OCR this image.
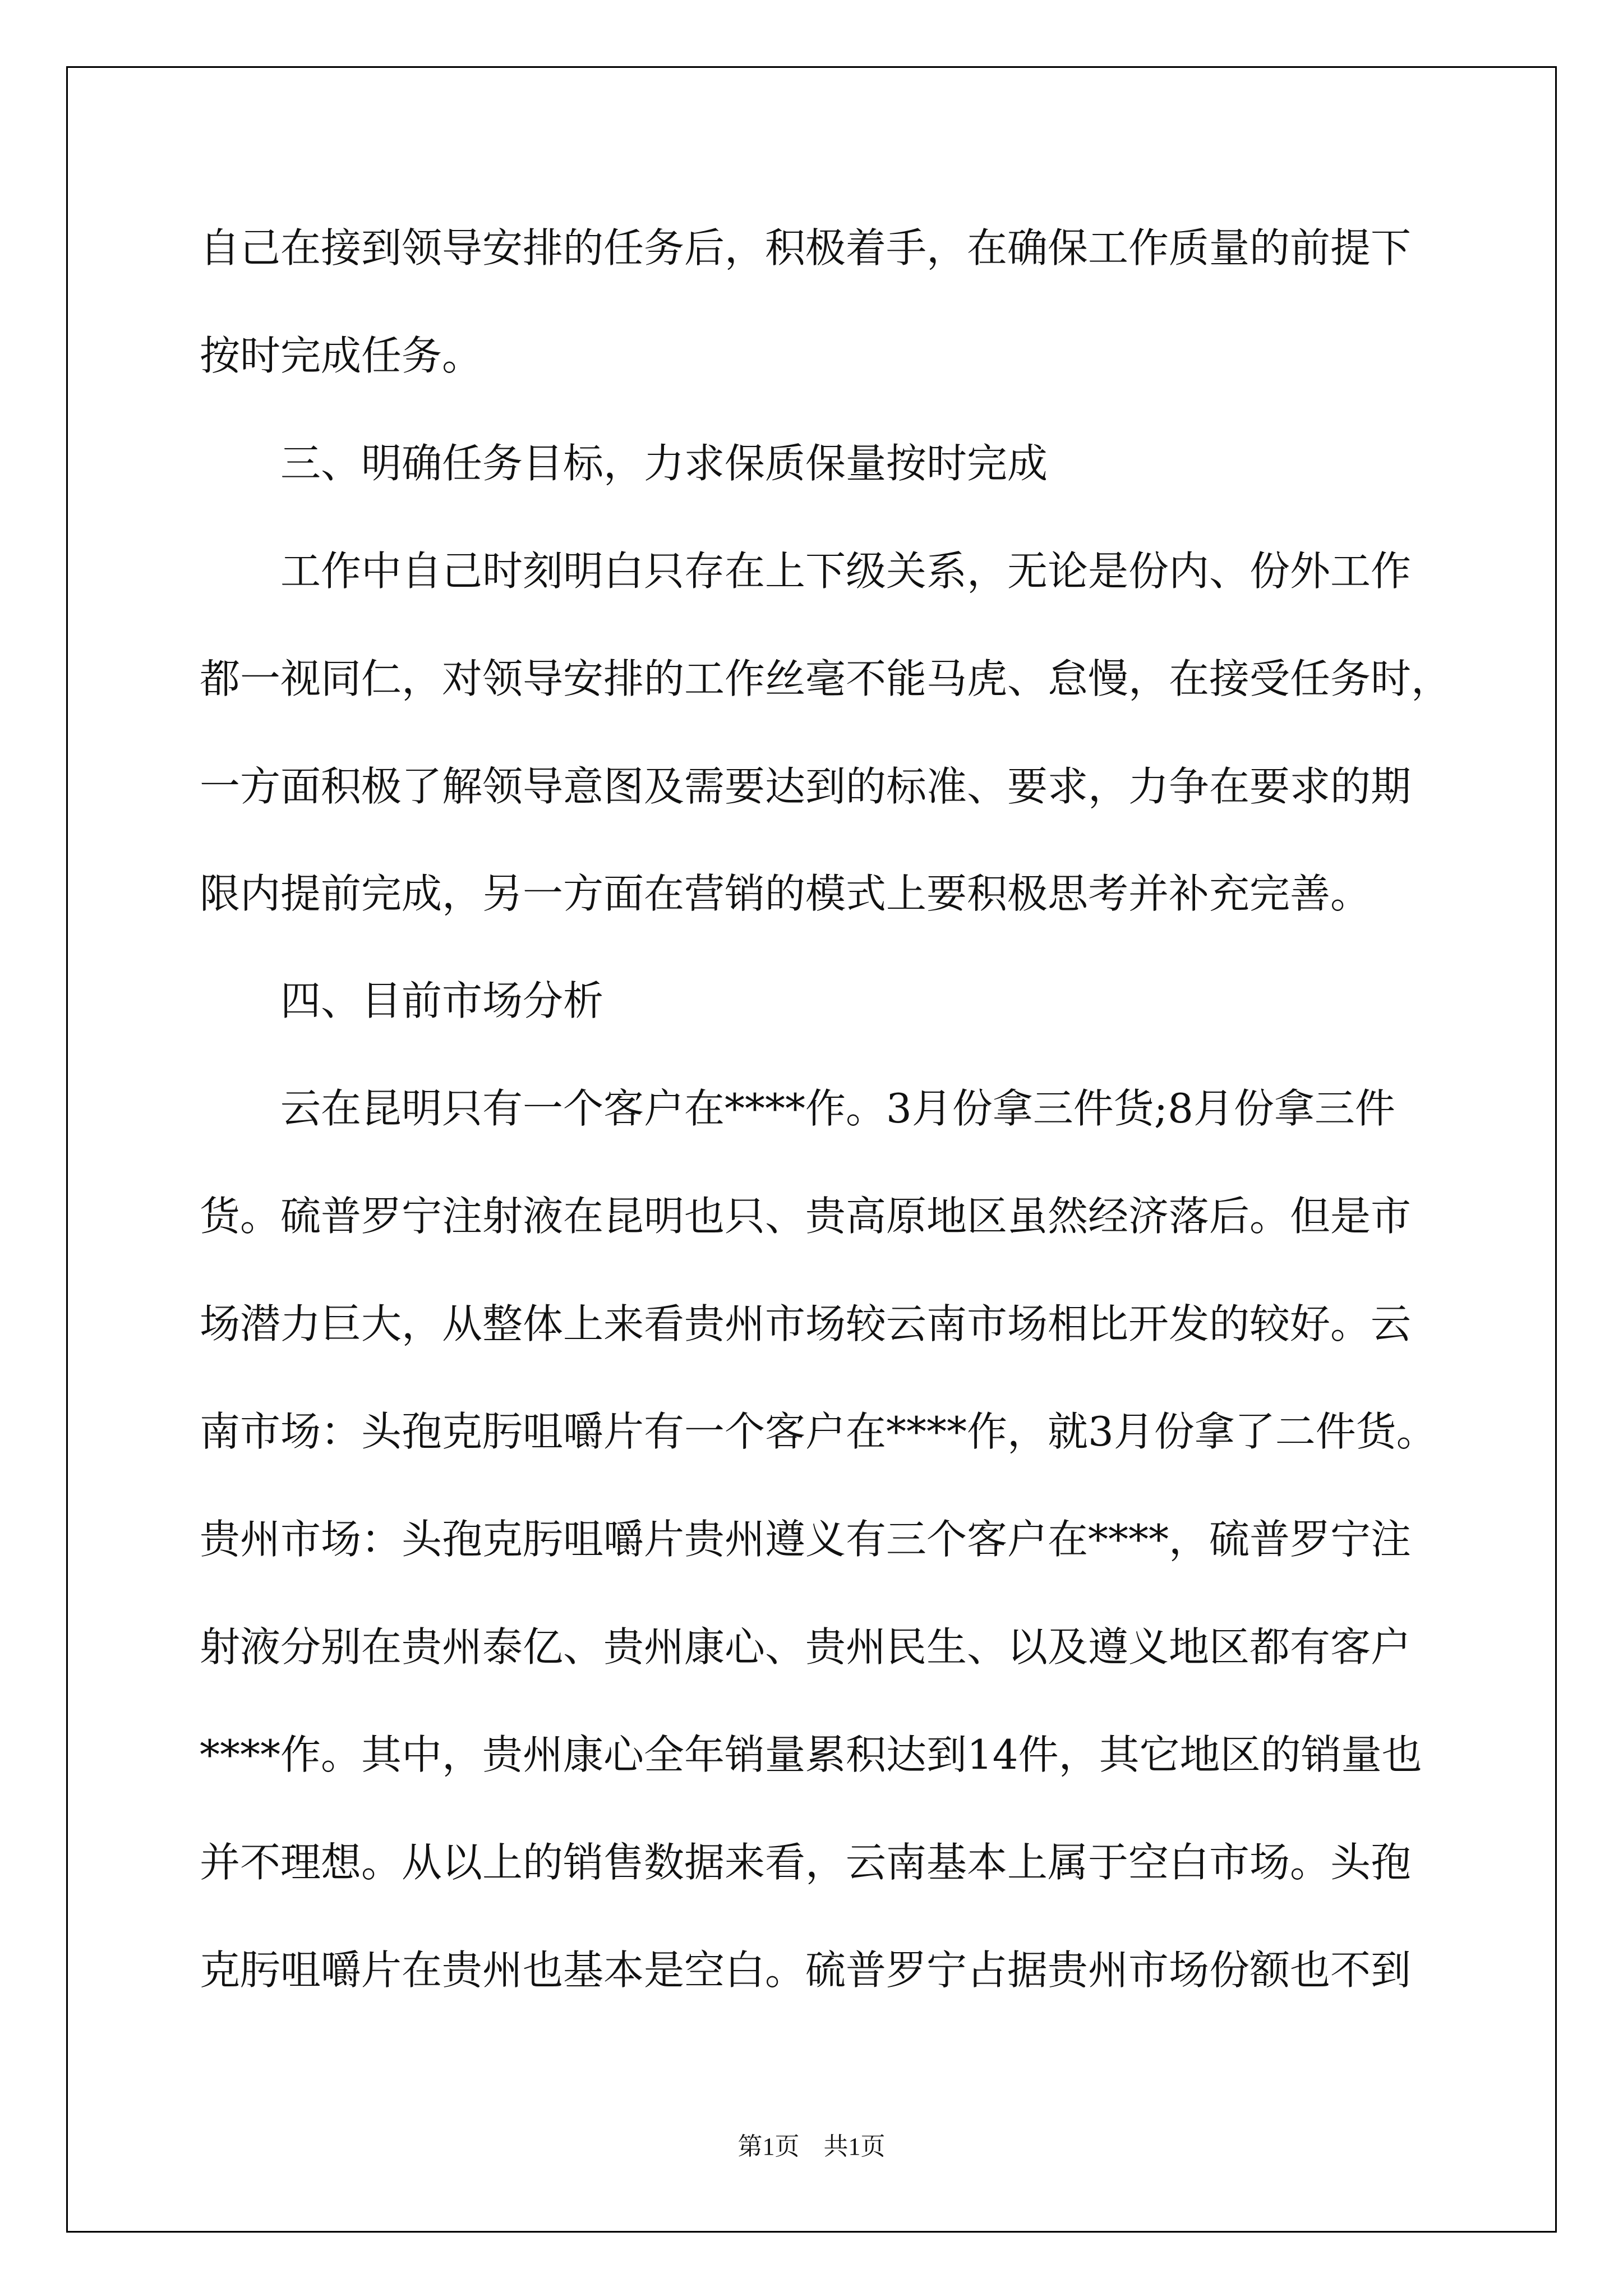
自己在接到领导安排的任务后，积极着手，在确保工作质量的前提下
按时完成任务。
三、明确任务目标，力求保质保量按时完成
工作中自己时刻明白只存在上下级关系，无论是份内、份外工作
都一视同仁，对领导安排的工作丝毫不能马虎、怠慢，在接受任务时，
一方面积极了解领导意图及需要达到的标准、要求，力争在要求的期
限内提前完成，另一方面在营销的模式上要积极思考并补充完善。
四、目前市场分析
云在昆明只有一个客户在****作。3月份拿三件货;8月份拿三件
货。硫普罗宁注射液在昆明也只、贵高原地区虽然经济落后。但是市
场潜力巨大，从整体上来看贵州市场较云南市场相比开发的较好。云
南市场：头孢克肟咀嚼片有一个客户在****作，就3月份拿了二件货。
贵州市场：头孢克肟咀嚼片贵州遵义有三个客户在****，硫普罗宁注
射液分别在贵州泰亿、贵州康心、贵州民生、以及遵义地区都有客户
****作。其中，贵州康心全年销量累积达到14件，其它地区的销量也
并不理想。从以上的销售数据来看，云南基本上属于空白市场。头孢
克肟咀嚼片在贵州也基本是空白。硫普罗宁占据贵州市场份额也不到
第1页 共1页
